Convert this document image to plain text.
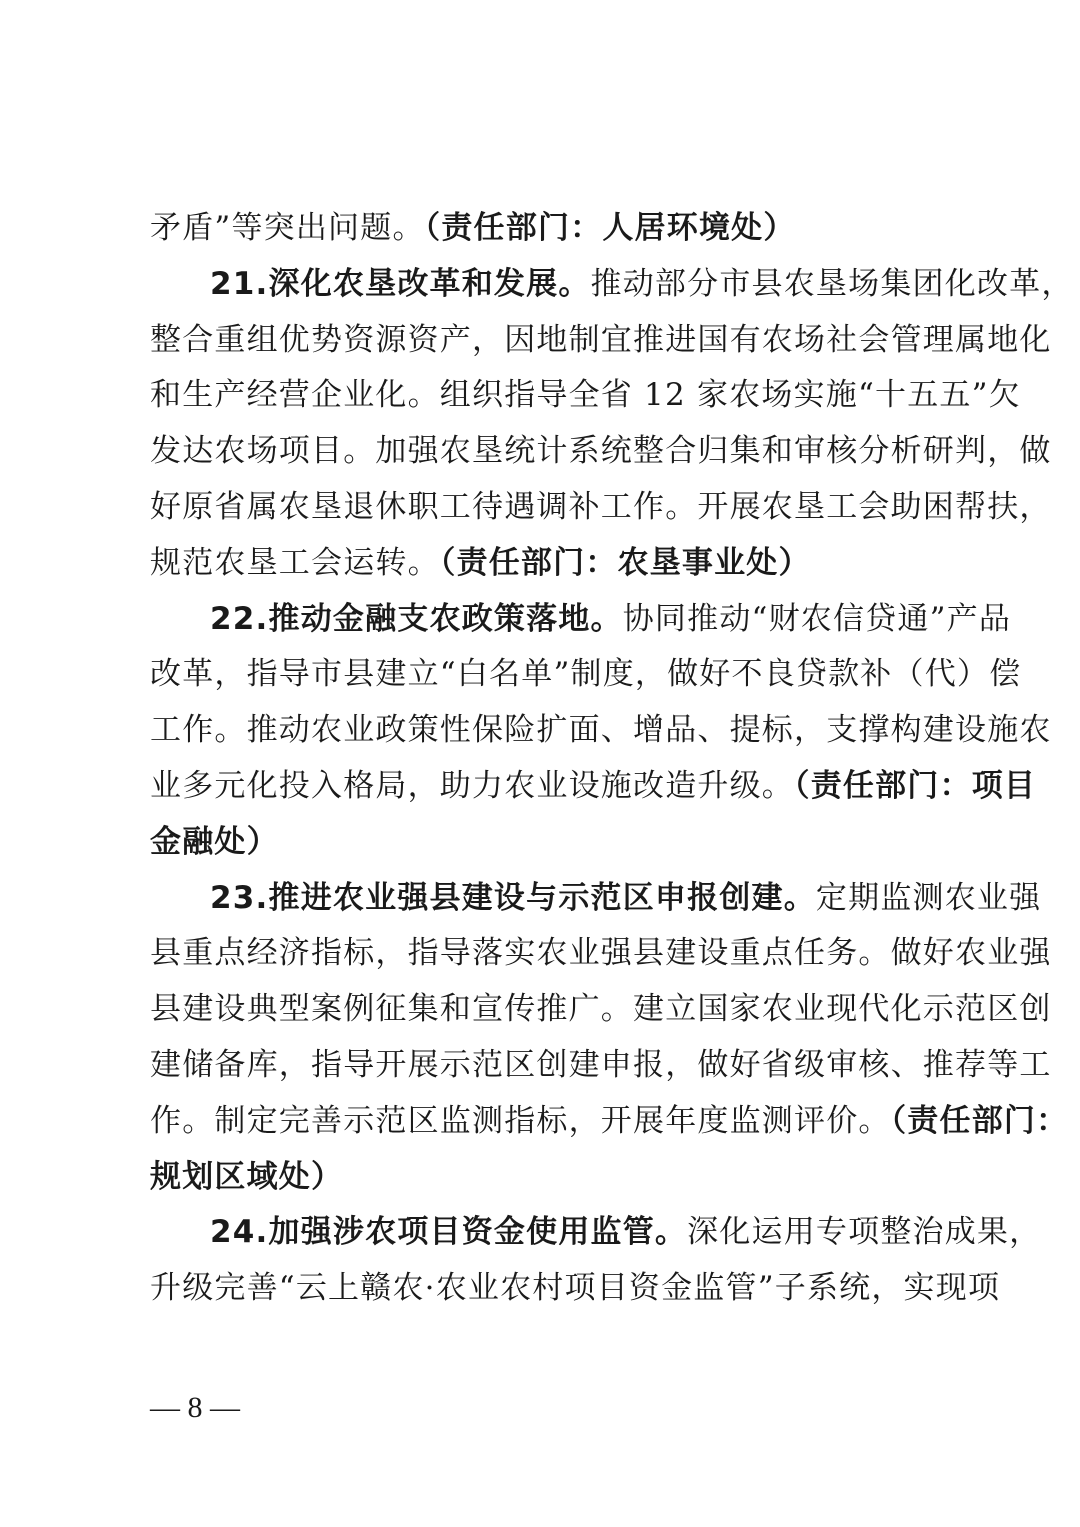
矛盾”等突出问题。（责任部门：人居环境处）
21.深化农垦改革和发展。推动部分市县农垦场集团化改革，
整合重组优势资源资产，因地制宜推进国有农场社会管理属地化
和生产经营企业化。组织指导全省 12 家农场实施“十五五”欠
发达农场项目。加强农垦统计系统整合归集和审核分析研判，做
好原省属农垦退休职工待遇调补工作。开展农垦工会助困帮扶，
规范农垦工会运转。（责任部门：农垦事业处）
22.推动金融支农政策落地。协同推动“财农信贷通”产品
改革，指导市县建立“白名单”制度，做好不良贷款补（代）偿
工作。推动农业政策性保险扩面、增品、提标，支撑构建设施农
业多元化投入格局，助力农业设施改造升级。（责任部门：项目
金融处）
23.推进农业强县建设与示范区申报创建。定期监测农业强
县重点经济指标，指导落实农业强县建设重点任务。做好农业强
县建设典型案例征集和宣传推广。建立国家农业现代化示范区创
建储备库，指导开展示范区创建申报，做好省级审核、推荐等工
作。制定完善示范区监测指标，开展年度监测评价。（责任部门：
规划区域处）
24.加强涉农项目资金使用监管。深化运用专项整治成果，
升级完善“云上赣农·农业农村项目资金监管”子系统，实现项
— 8 —
